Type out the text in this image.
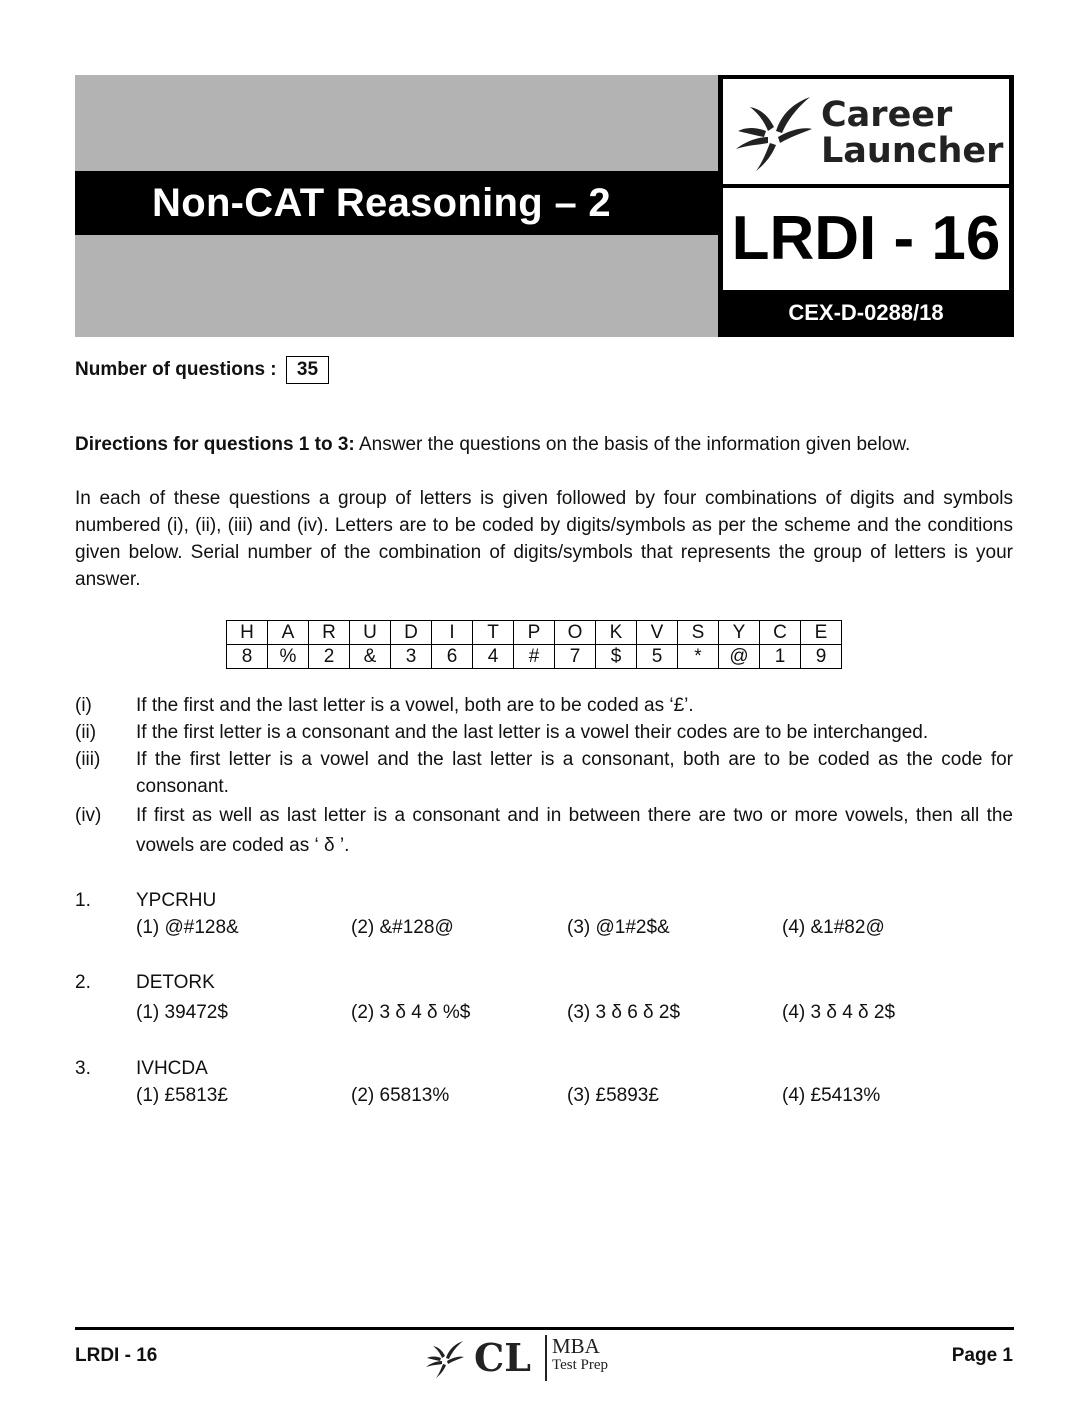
Non-CAT Reasoning – 2
Career
Launcher
LRDI - 16
CEX-D-0288/18
Number of questions : 35
Directions for questions 1 to 3: Answer the questions on the basis of the information given below.
In each of these questions a group of letters is given followed by four combinations of digits and symbols numbered (i), (ii), (iii) and (iv). Letters are to be coded by digits/symbols as per the scheme and the conditions given below. Serial number of the combination of digits/symbols that represents the group of letters is your answer.
H	A	R	U	D	I	T	P	O	K	V	S	Y	C	E
8	%	2	&	3	6	4	#	7	$	5	*	@	1	9
(i) If the first and the last letter is a vowel, both are to be coded as ‘£’.
(ii) If the first letter is a consonant and the last letter is a vowel their codes are to be interchanged.
(iii) If the first letter is a vowel and the last letter is a consonant, both are to be coded as the code for consonant.
(iv) If first as well as last letter is a consonant and in between there are two or more vowels, then all the vowels are coded as ‘ δ ’.
1. YPCRHU
(1) @#128&	(2) &#128@	(3) @1#2$&	(4) &1#82@
2. DETORK
(1) 39472$	(2) 3 δ 4 δ %$	(3) 3 δ 6 δ 2$	(4) 3 δ 4 δ 2$
3. IVHCDA
(1) £5813£	(2) 65813%	(3) £5893£	(4) £5413%
LRDI - 16	CL MBA
Test Prep	Page 1
